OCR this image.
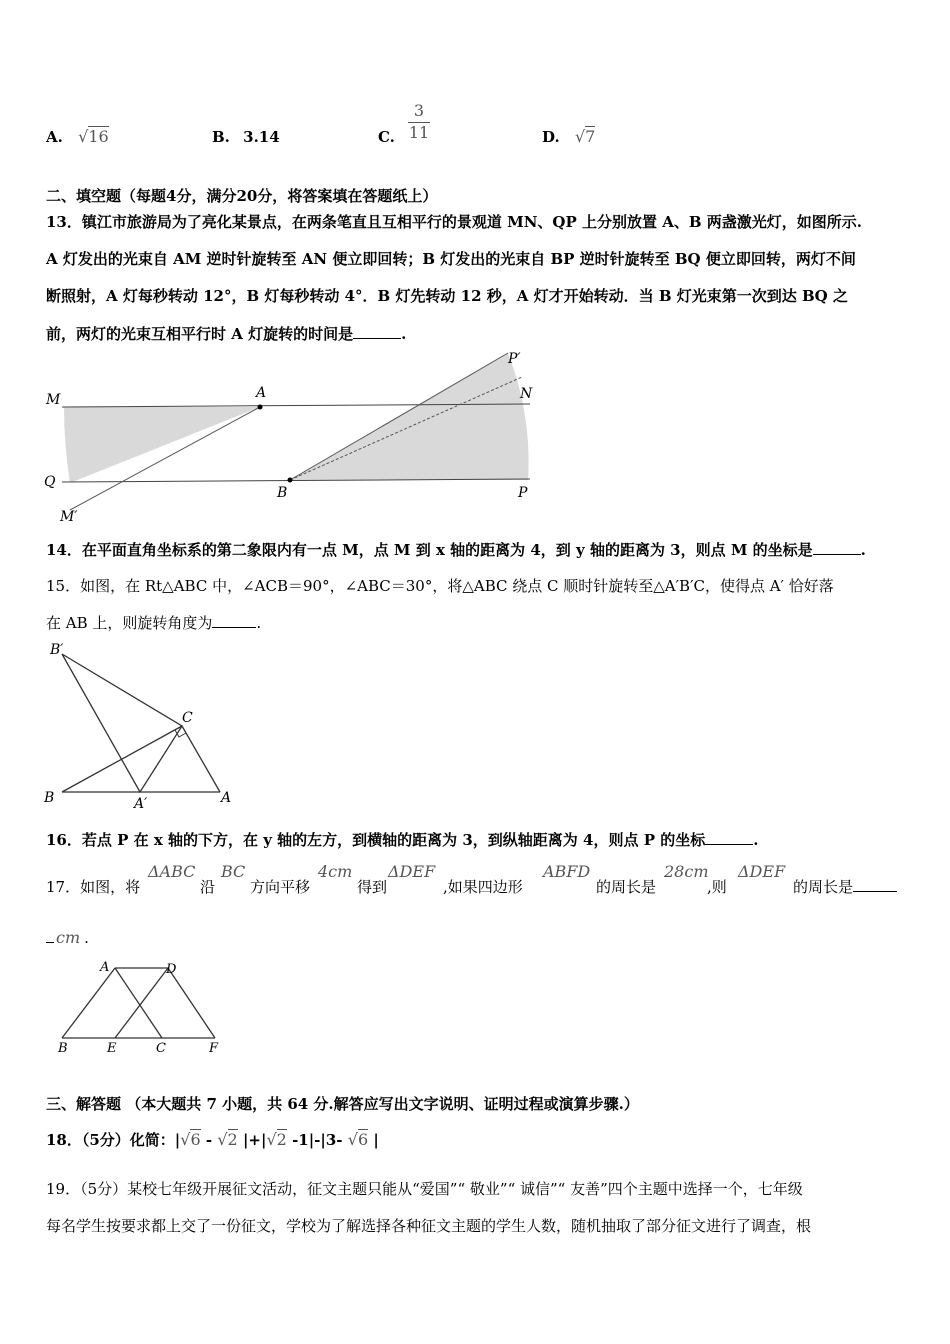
A. √16	B. 3.14	C. $\frac{3}{11}$	D. √7
二、填空题（每题4分，满分20分，将答案填在答题纸上）
13．镇江市旅游局为了亮化某景点，在两条笔直且互相平行的景观道 MN、QP 上分别放置 A、B 两盏激光灯，如图所示.
A 灯发出的光束自 AM 逆时针旋转至 AN 便立即回转；B 灯发出的光束自 BP 逆时针旋转至 BQ 便立即回转，两灯不间
断照射，A 灯每秒转动 12°，B 灯每秒转动 4°．B 灯先转动 12 秒，A 灯才开始转动．当 B 灯光束第一次到达 BQ 之
前，两灯的光束互相平行时 A 灯旋转的时间是	.
M	A	N
Q
B	P
P′
M′
14．在平面直角坐标系的第二象限内有一点 M，点 M 到 x 轴的距离为 4，到 y 轴的距离为 3，则点 M 的坐标是	.
15．如图，在 Rt△ABC 中，∠ACB＝90°，∠ABC＝30°，将△ABC 绕点 C 顺时针旋转至△A′B′C，使得点 A′ 恰好落
在 AB 上，则旋转角度为	.
B′
C
B	A′	A
16．若点 P 在 x 轴的下方，在 y 轴的左方，到横轴的距离为 3，到纵轴距离为 4，则点 P 的坐标	.
17．如图，将
ΔABC
沿
BC
方向平移
4cm
得到
ΔDEF
,如果四边形
ABFD
的周长是
28cm
,则
ΔDEF
的周长是
cm .
A	D
B	E	C	F
三、解答题 （本大题共 7 小题，共 64 分.解答应写出文字说明、证明过程或演算步骤.）
18．（5分）化简：|√6 - √2 |+|√2 -1|-|3- √6 |
19．（5分）某校七年级开展征文活动，征文主题只能从“爱国”“ 敬业”“ 诚信”“ 友善”四个主题中选择一个，七年级
每名学生按要求都上交了一份征文，学校为了解选择各种征文主题的学生人数，随机抽取了部分征文进行了调查，根
